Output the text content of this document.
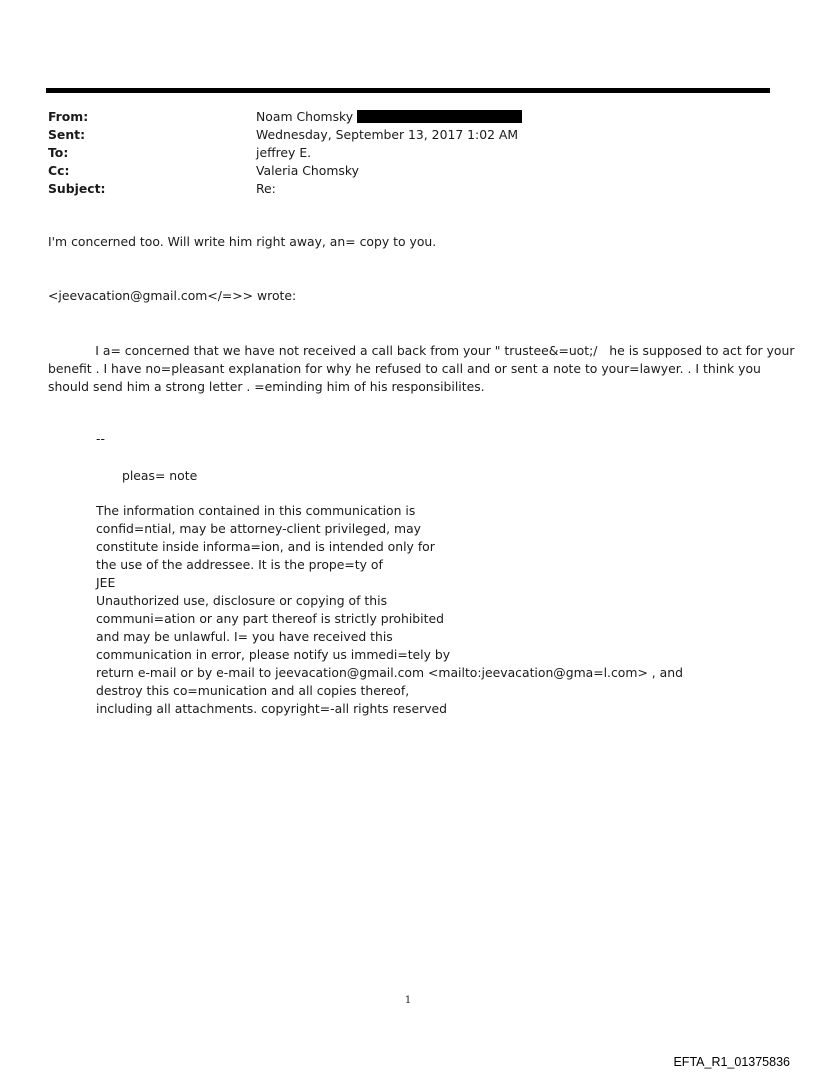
From:	Noam Chomsky
Sent:	Wednesday, September 13, 2017 1:02 AM
To:	jeffrey E.
Cc:	Valeria Chomsky
Subject:	Re:
I'm concerned too. Will write him right away, an= copy to you.
<jeevacation@gmail.com</=>> wrote:

I a= concerned that we have not received a call back from your " trustee&=uot;/   he is supposed to act for your

benefit . I have no=pleasant explanation for why he refused to call and or sent a note to your=lawyer. . I think you

should send him a strong letter . =eminding him of his responsibilites.

--
pleas= note
The information contained in this communication is
confid=ntial, may be attorney-client privileged, may
constitute inside informa=ion, and is intended only for
the use of the addressee. It is the prope=ty of
JEE
Unauthorized use, disclosure or copying of this
communi=ation or any part thereof is strictly prohibited
and may be unlawful. I= you have received this
communication in error, please notify us immedi=tely by
return e-mail or by e-mail to jeevacation@gmail.com <mailto:jeevacation@gma=l.com> , and
destroy this co=munication and all copies thereof,
including all attachments. copyright=-all rights reserved
1
EFTA_R1_01375836
